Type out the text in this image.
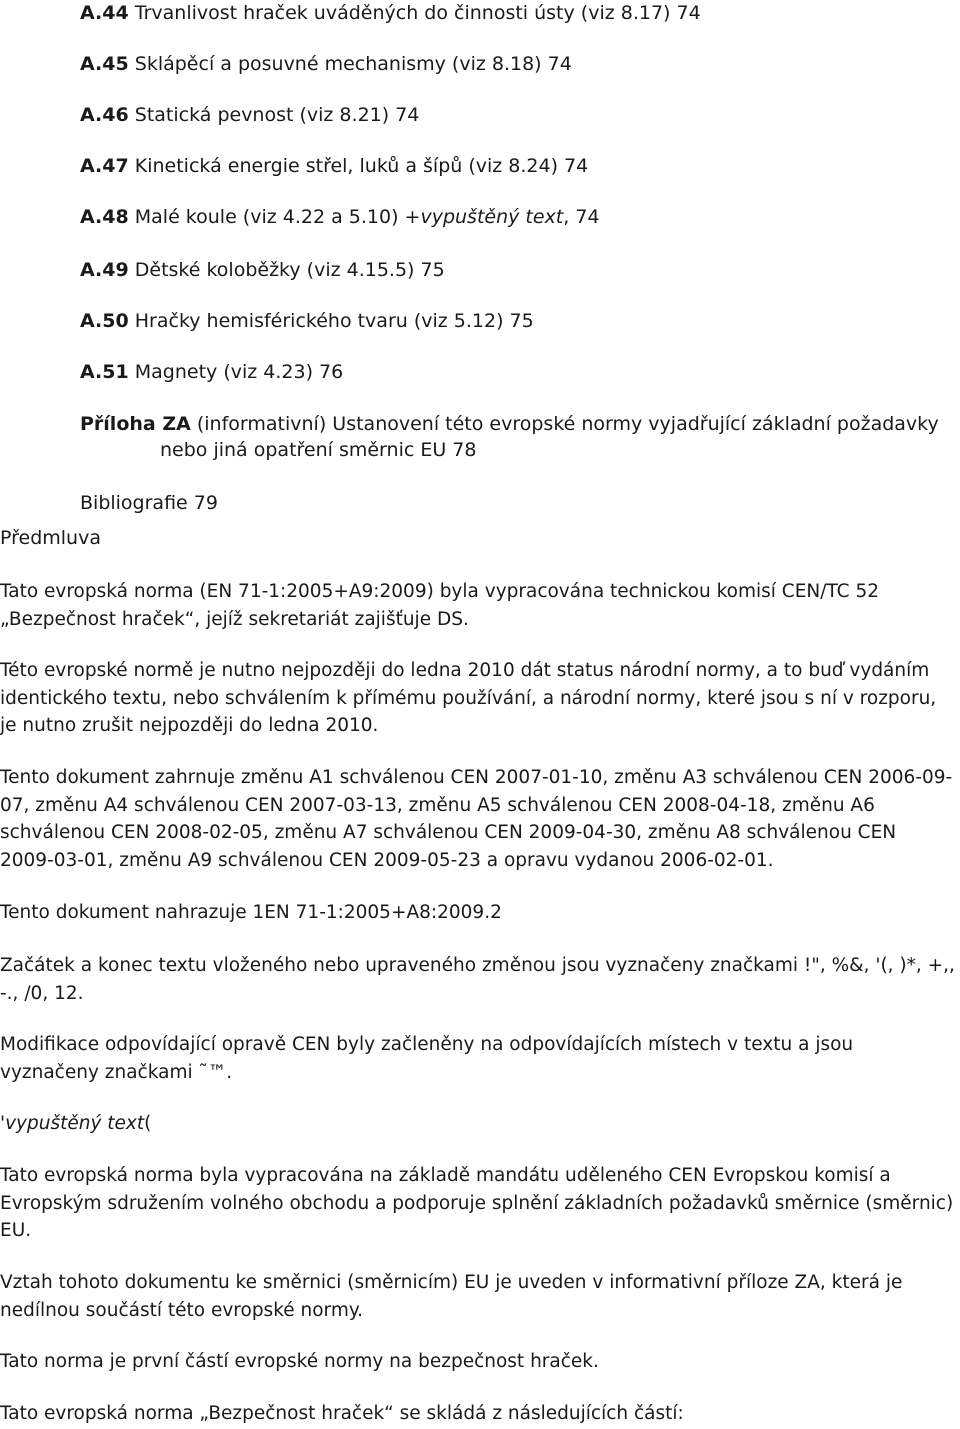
A.44 Trvanlivost hraček uváděných do činnosti ústy (viz 8.17) 74
A.45 Sklápěcí a posuvné mechanismy (viz 8.18) 74
A.46 Statická pevnost (viz 8.21) 74
A.47 Kinetická energie střel, luků a šípů (viz 8.24) 74
A.48 Malé koule (viz 4.22 a 5.10) +vypuštěný text, 74
A.49 Dětské koloběžky (viz 4.15.5) 75
A.50 Hračky hemisférického tvaru (viz 5.12) 75
A.51 Magnety (viz 4.23) 76
Příloha ZA (informativní) Ustanovení této evropské normy vyjadřující základní požadavky
nebo jiná opatření směrnic EU 78
Bibliografie 79
Předmluva

Tato evropská norma (EN 71-1:2005+A9:2009) byla vypracována technickou komisí CEN/TC 52 „Bezpečnost hraček“, jejíž sekretariát zajišťuje DS.

Této evropské normě je nutno nejpozději do ledna 2010 dát status národní normy, a to buď vydáním identického textu, nebo schválením k přímému používání, a národní normy, které jsou s ní v rozporu, je nutno zrušit nejpozději do ledna 2010.

Tento dokument zahrnuje změnu A1 schválenou CEN 2007-01-10, změnu A3 schválenou CEN 2006-09-07, změnu A4 schválenou CEN 2007-03-13, změnu A5 schválenou CEN 2008-04-18, změnu A6 schválenou CEN 2008-02-05, změnu A7 schválenou CEN 2009-04-30, změnu A8 schválenou CEN 2009-03-01, změnu A9 schválenou CEN 2009-05-23 a opravu vydanou 2006-02-01.

Tento dokument nahrazuje 1EN 71-1:2005+A8:2009.2

Začátek a konec textu vloženého nebo upraveného změnou jsou vyznačeny značkami !", %&, '(, )*, +,, -., /0, 12.

Modifikace odpovídající opravě CEN byly začleněny na odpovídajících místech v textu a jsou vyznačeny značkami ˜™.

'vypuštěný text(

Tato evropská norma byla vypracována na základě mandátu uděleného CEN Evropskou komisí a Evropským sdružením volného obchodu a podporuje splnění základních požadavků směrnice (směrnic) EU.

Vztah tohoto dokumentu ke směrnici (směrnicím) EU je uveden v informativní příloze ZA, která je nedílnou součástí této evropské normy.

Tato norma je první částí evropské normy na bezpečnost hraček.

Tato evropská norma „Bezpečnost hraček“ se skládá z následujících částí:
